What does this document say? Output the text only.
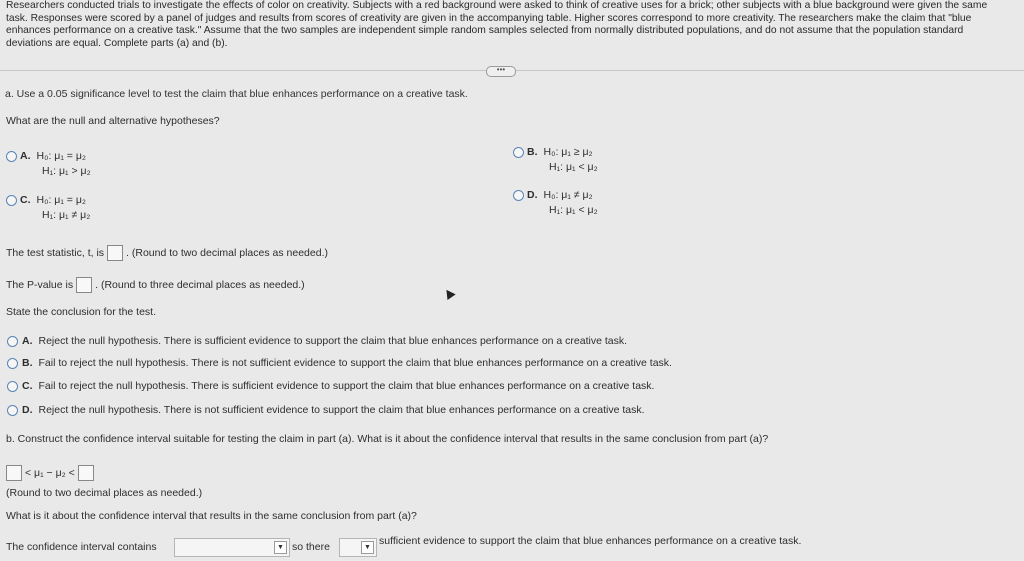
Researchers conducted trials to investigate the effects of color on creativity. Subjects with a red background were asked to think of creative uses for a brick; other subjects with a blue background were given the same task. Responses were scored by a panel of judges and results from scores of creativity are given in the accompanying table. Higher scores correspond to more creativity. The researchers make the claim that "blue enhances performance on a creative task." Assume that the two samples are independent simple random samples selected from normally distributed populations, and do not assume that the population standard deviations are equal. Complete parts (a) and (b).
•••
a. Use a 0.05 significance level to test the claim that blue enhances performance on a creative task.
What are the null and alternative hypotheses?
A. H₀: μ₁ = μ₂
H₁: μ₁ > μ₂
B. H₀: μ₁ ≥ μ₂
H₁: μ₁ < μ₂
C. H₀: μ₁ = μ₂
H₁: μ₁ ≠ μ₂
D. H₀: μ₁ ≠ μ₂
H₁: μ₁ < μ₂
The test statistic, t, is . (Round to two decimal places as needed.)
The P-value is . (Round to three decimal places as needed.)
State the conclusion for the test.
A. Reject the null hypothesis. There is sufficient evidence to support the claim that blue enhances performance on a creative task.
B. Fail to reject the null hypothesis. There is not sufficient evidence to support the claim that blue enhances performance on a creative task.
C. Fail to reject the null hypothesis. There is sufficient evidence to support the claim that blue enhances performance on a creative task.
D. Reject the null hypothesis. There is not sufficient evidence to support the claim that blue enhances performance on a creative task.
b. Construct the confidence interval suitable for testing the claim in part (a). What is it about the confidence interval that results in the same conclusion from part (a)?
< μ₁ − μ₂ <
(Round to two decimal places as needed.)
What is it about the confidence interval that results in the same conclusion from part (a)?
The confidence interval contains	▼ so there	▼
sufficient evidence to support the claim that blue enhances performance on a creative task.
